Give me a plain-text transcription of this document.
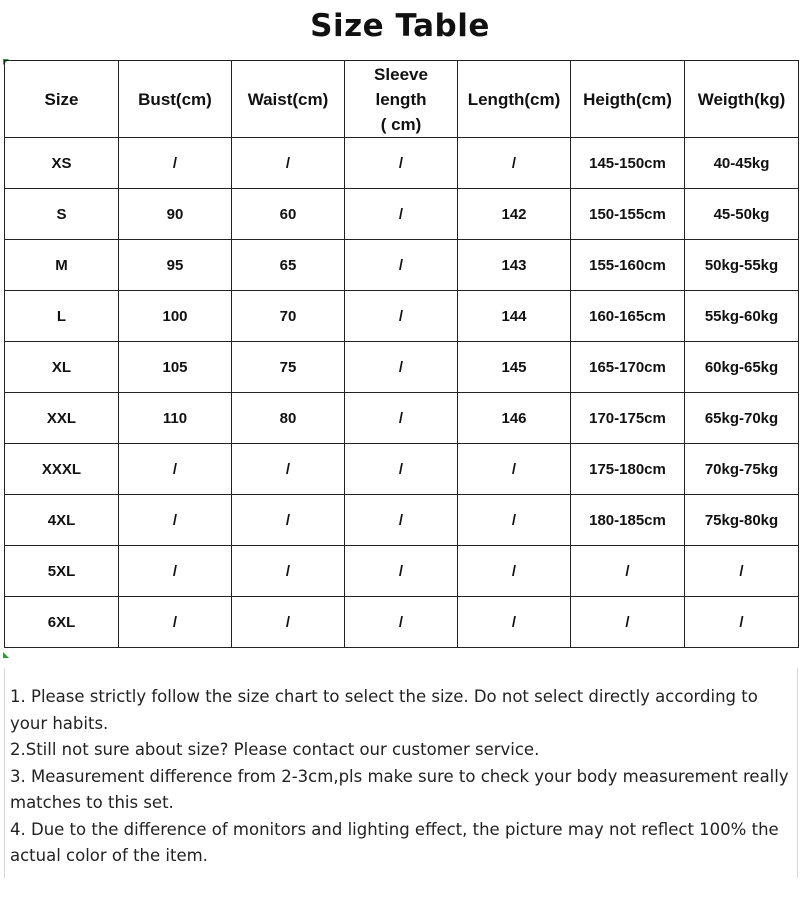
Size Table
Size	Bust(cm)	Waist(cm)	Sleeve
length
( cm)	Length(cm)	Heigth(cm)	Weigth(kg)
XS	/	/	/	/	145-150cm	40-45kg
S	90	60	/	142	150-155cm	45-50kg
M	95	65	/	143	155-160cm	50kg-55kg
L	100	70	/	144	160-165cm	55kg-60kg
XL	105	75	/	145	165-170cm	60kg-65kg
XXL	110	80	/	146	170-175cm	65kg-70kg
XXXL	/	/	/	/	175-180cm	70kg-75kg
4XL	/	/	/	/	180-185cm	75kg-80kg
5XL	/	/	/	/	/	/
6XL	/	/	/	/	/	/

1. Please strictly follow the size chart to select the size. Do not select directly according to your habits.

2.Still not sure about size? Please contact our customer service.

3. Measurement difference from 2-3cm,pls make sure to check your body measurement really matches to this set.

4. Due to the difference of monitors and lighting effect, the picture may not reflect 100% the actual color of the item.
